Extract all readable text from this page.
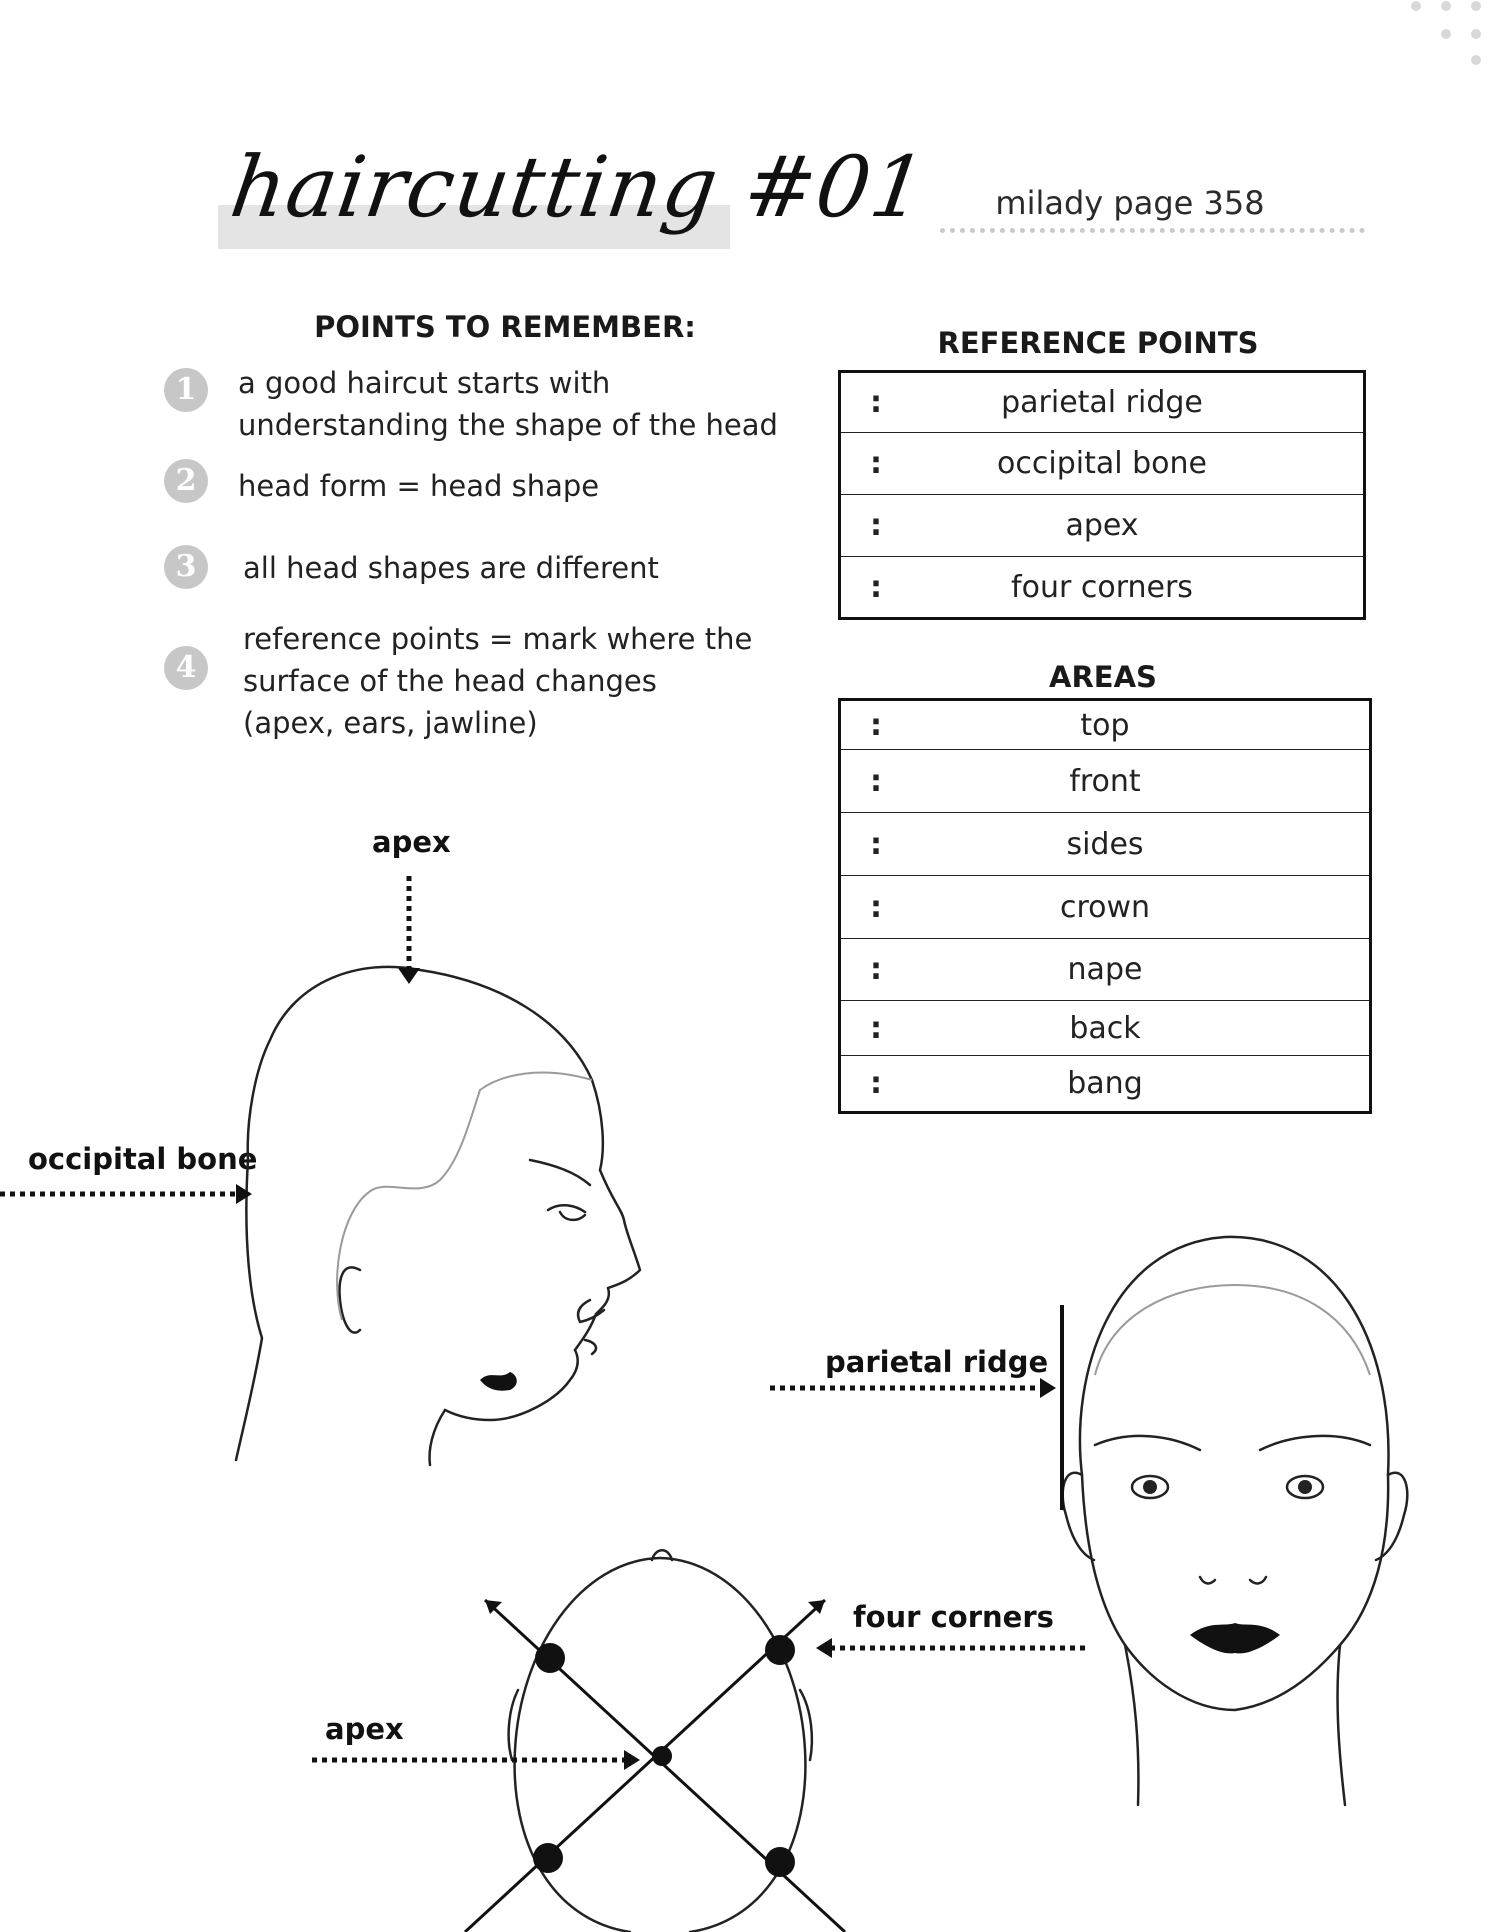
haircutting #01	milady page 358
POINTS TO REMEMBER:
1	a good haircut starts with
understanding the shape of the head
2	head form = head shape
3	all head shapes are different
4
reference points = mark where the
surface of the head changes
(apex, ears, jawline)
REFERENCE POINTS
:	parietal ridge
:	occipital bone
:	apex
:	four corners
AREAS
:	top
:	front
:	sides
:	crown
:	nape
:	back
:	bang
apex
occipital bone
parietal ridge
four corners
apex
